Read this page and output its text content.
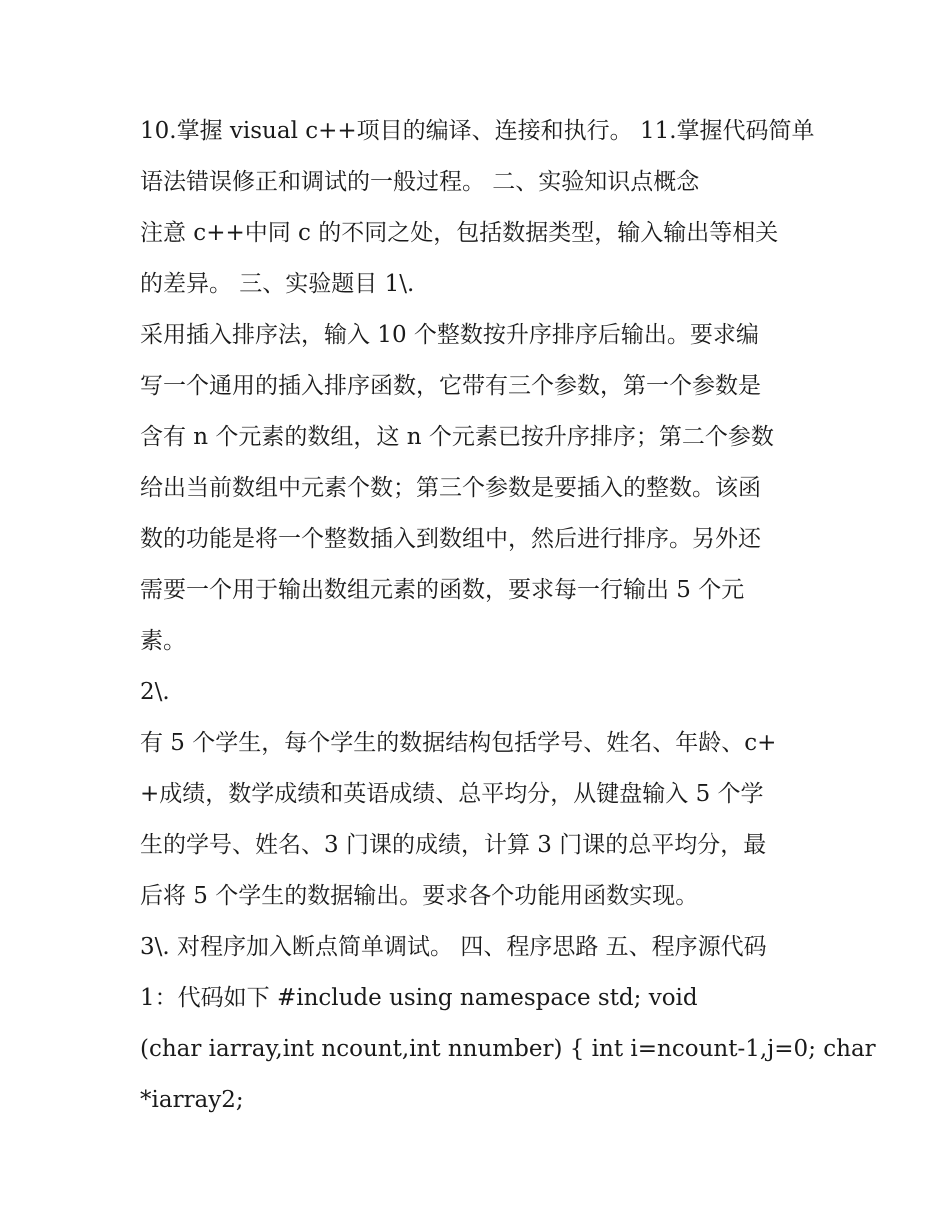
10.掌握 visual c++项目的编译、连接和执行。 11.掌握代码简单
语法错误修正和调试的一般过程。 二、实验知识点概念
注意 c++中同 c 的不同之处，包括数据类型，输入输出等相关
的差异。 三、实验题目 1\.
采用插入排序法，输入 10 个整数按升序排序后输出。要求编
写一个通用的插入排序函数，它带有三个参数，第一个参数是
含有 n 个元素的数组，这 n 个元素已按升序排序；第二个参数
给出当前数组中元素个数；第三个参数是要插入的整数。该函
数的功能是将一个整数插入到数组中，然后进行排序。另外还
需要一个用于输出数组元素的函数，要求每一行输出 5 个元
素。
2\.
有 5 个学生，每个学生的数据结构包括学号、姓名、年龄、c+
+成绩，数学成绩和英语成绩、总平均分，从键盘输入 5 个学
生的学号、姓名、3 门课的成绩，计算 3 门课的总平均分，最
后将 5 个学生的数据输出。要求各个功能用函数实现。
3\. 对程序加入断点简单调试。 四、程序思路 五、程序源代码
1：代码如下 #include using namespace std; void
(char iarray,int ncount,int nnumber) { int i=ncount-1,j=0; char
*iarray2;
